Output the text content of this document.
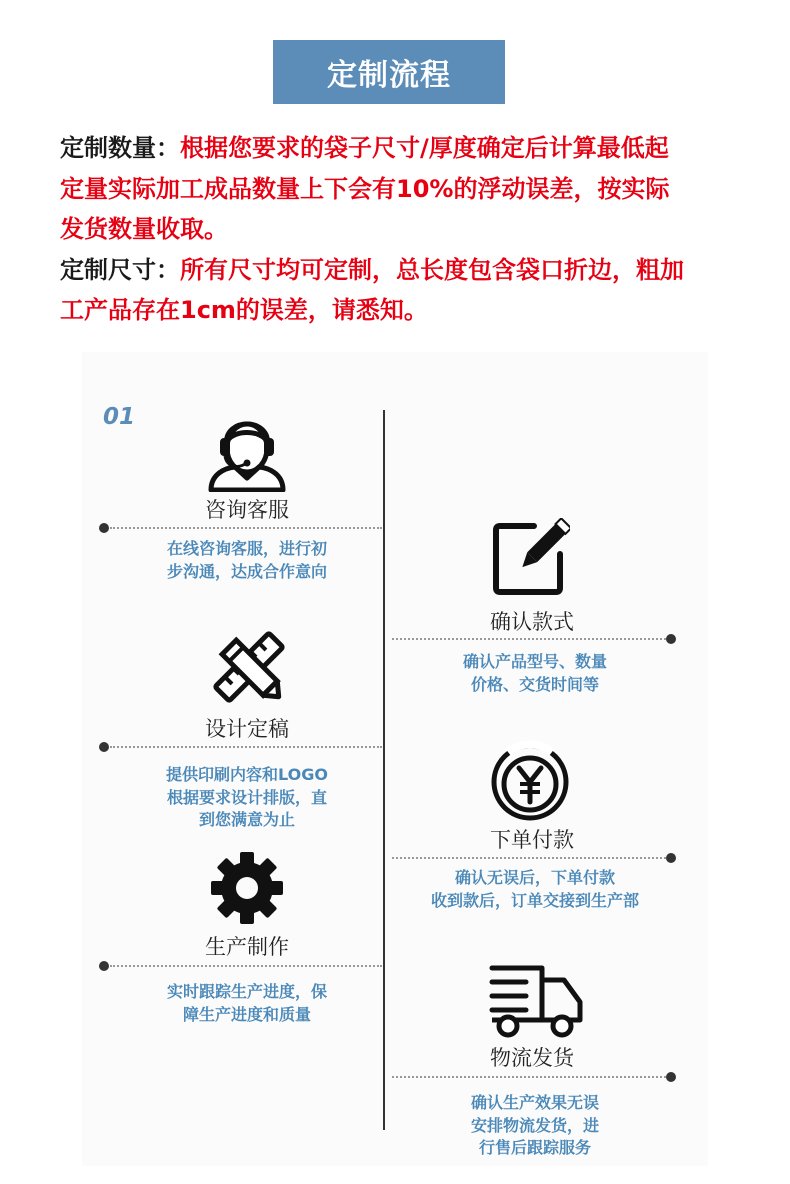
定制流程

定制数量：根据您要求的袋子尺寸/厚度确定后计算最低起

定量实际加工成品数量上下会有10%的浮动误差，按实际

发货数量收取。

定制尺寸：所有尺寸均可定制，总长度包含袋口折边，粗加

工产品存在1cm的误差，请悉知。

01
咨询客服
在线咨询客服，进行初
步沟通，达成合作意向
确认款式
确认产品型号、数量
价格、交货时间等
设计定稿
提供印刷内容和LOGO
根据要求设计排版，直
到您满意为止
下单付款
确认无误后，下单付款
收到款后，订单交接到生产部
生产制作
实时跟踪生产进度，保
障生产进度和质量
物流发货
确认生产效果无误
安排物流发货，进
行售后跟踪服务
